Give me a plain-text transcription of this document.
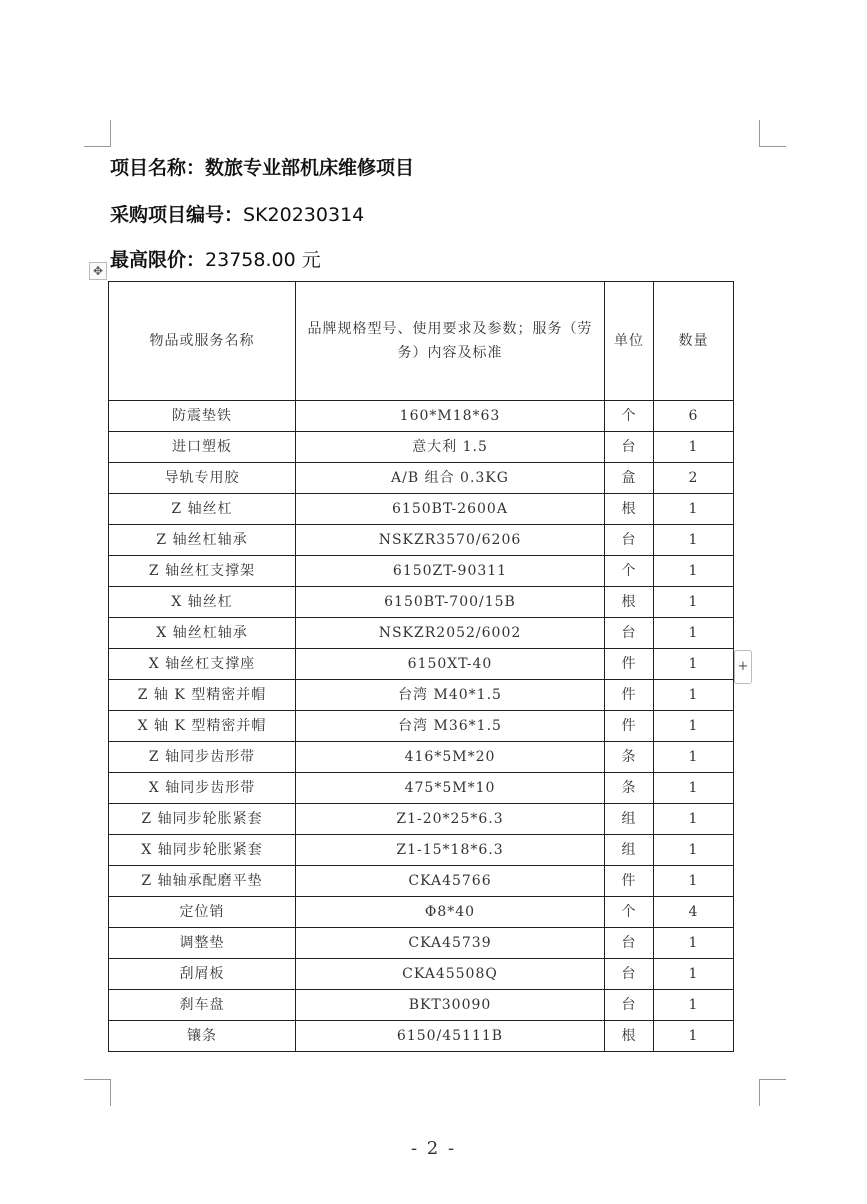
项目名称：数旅专业部机床维修项目
采购项目编号：SK20230314
最高限价：23758.00 元
✥
物品或服务名称	品牌规格型号、使用要求及参数；服务（劳务）内容及标准	单位	数量
防震垫铁	160*M18*63	个	6
进口塑板	意大利 1.5	台	1
导轨专用胶	A/B 组合 0.3KG	盒	2
Z 轴丝杠	6150BT-2600A	根	1
Z 轴丝杠轴承	NSKZR3570/6206	台	1
Z 轴丝杠支撑架	6150ZT-90311	个	1
X 轴丝杠	6150BT-700/15B	根	1
X 轴丝杠轴承	NSKZR2052/6002	台	1
X 轴丝杠支撑座	6150XT-40	件	1
Z 轴 K 型精密并帽	台湾 M40*1.5	件	1
X 轴 K 型精密并帽	台湾 M36*1.5	件	1
Z 轴同步齿形带	416*5M*20	条	1
X 轴同步齿形带	475*5M*10	条	1
Z 轴同步轮胀紧套	Z1-20*25*6.3	组	1
X 轴同步轮胀紧套	Z1-15*18*6.3	组	1
Z 轴轴承配磨平垫	CKA45766	件	1
定位销	Φ8*40	个	4
调整垫	CKA45739	台	1
刮屑板	CKA45508Q	台	1
刹车盘	BKT30090	台	1
镶条	6150/45111B	根	1
+
- 2 -
